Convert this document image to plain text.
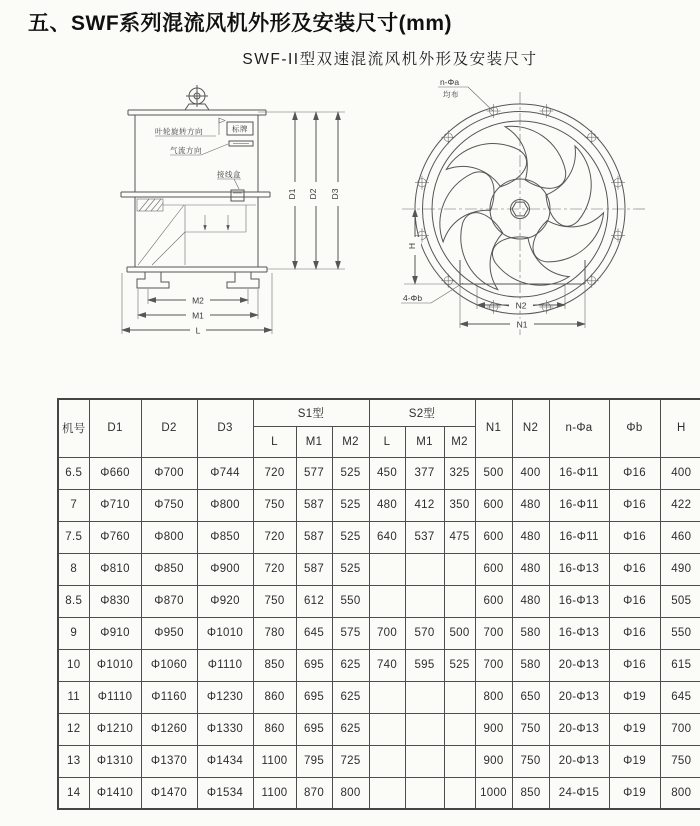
五、SWF系列混流风机外形及安装尺寸(mm)
SWF-II型双速混流风机外形及安装尺寸
标牌
叶轮旋转方向
气流方向
接线盒
D1 D2 D3
M2
M1
L
n-Φa
均布
4-Φb
H
N2
N1
机号	D1	D2	D3	S1型			S2型			N1	N2	n-Φa	Φb	H
				L	M1	M2	L	M1	M2					
6.5	Φ660	Φ700	Φ744	720	577	525	450	377	325	500	400	16-Φ11	Φ16	400
7	Φ710	Φ750	Φ800	750	587	525	480	412	350	600	480	16-Φ11	Φ16	422
7.5	Φ760	Φ800	Φ850	720	587	525	640	537	475	600	480	16-Φ11	Φ16	460
8	Φ810	Φ850	Φ900	720	587	525				600	480	16-Φ13	Φ16	490
8.5	Φ830	Φ870	Φ920	750	612	550				600	480	16-Φ13	Φ16	505
9	Φ910	Φ950	Φ1010	780	645	575	700	570	500	700	580	16-Φ13	Φ16	550
10	Φ1010	Φ1060	Φ1110	850	695	625	740	595	525	700	580	20-Φ13	Φ16	615
11	Φ1110	Φ1160	Φ1230	860	695	625				800	650	20-Φ13	Φ19	645
12	Φ1210	Φ1260	Φ1330	860	695	625				900	750	20-Φ13	Φ19	700
13	Φ1310	Φ1370	Φ1434	1100	795	725				900	750	20-Φ13	Φ19	750
14	Φ1410	Φ1470	Φ1534	1100	870	800				1000	850	24-Φ15	Φ19	800
